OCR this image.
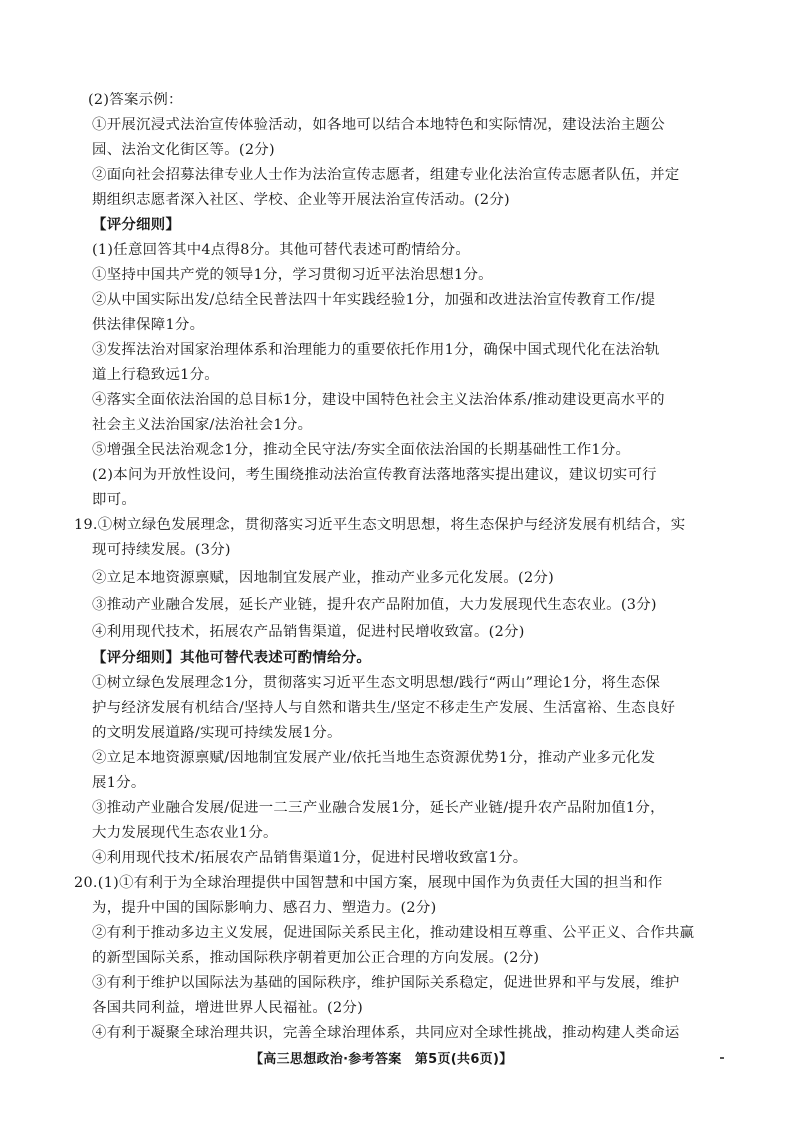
(2)答案示例：
①开展沉浸式法治宣传体验活动，如各地可以结合本地特色和实际情况，建设法治主题公
园、法治文化街区等。(2分)
②面向社会招募法律专业人士作为法治宣传志愿者，组建专业化法治宣传志愿者队伍，并定
期组织志愿者深入社区、学校、企业等开展法治宣传活动。(2分)
【评分细则】
(1)任意回答其中4点得8分。其他可替代表述可酌情给分。
①坚持中国共产党的领导1分，学习贯彻习近平法治思想1分。
②从中国实际出发/总结全民普法四十年实践经验1分，加强和改进法治宣传教育工作/提
供法律保障1分。
③发挥法治对国家治理体系和治理能力的重要依托作用1分，确保中国式现代化在法治轨
道上行稳致远1分。
④落实全面依法治国的总目标1分，建设中国特色社会主义法治体系/推动建设更高水平的
社会主义法治国家/法治社会1分。
⑤增强全民法治观念1分，推动全民守法/夯实全面依法治国的长期基础性工作1分。
(2)本问为开放性设问，考生围绕推动法治宣传教育法落地落实提出建议，建议切实可行
即可。
19.①树立绿色发展理念，贯彻落实习近平生态文明思想，将生态保护与经济发展有机结合，实
现可持续发展。(3分)
②立足本地资源禀赋，因地制宜发展产业，推动产业多元化发展。(2分)
③推动产业融合发展，延长产业链，提升农产品附加值，大力发展现代生态农业。(3分)
④利用现代技术，拓展农产品销售渠道，促进村民增收致富。(2分)
【评分细则】其他可替代表述可酌情给分。
①树立绿色发展理念1分，贯彻落实习近平生态文明思想/践行“两山”理论1分，将生态保
护与经济发展有机结合/坚持人与自然和谐共生/坚定不移走生产发展、生活富裕、生态良好
的文明发展道路/实现可持续发展1分。
②立足本地资源禀赋/因地制宜发展产业/依托当地生态资源优势1分，推动产业多元化发
展1分。
③推动产业融合发展/促进一二三产业融合发展1分，延长产业链/提升农产品附加值1分，
大力发展现代生态农业1分。
④利用现代技术/拓展农产品销售渠道1分，促进村民增收致富1分。
20.(1)①有利于为全球治理提供中国智慧和中国方案，展现中国作为负责任大国的担当和作
为，提升中国的国际影响力、感召力、塑造力。(2分)
②有利于推动多边主义发展，促进国际关系民主化，推动建设相互尊重、公平正义、合作共赢
的新型国际关系，推动国际秩序朝着更加公正合理的方向发展。(2分)
③有利于维护以国际法为基础的国际秩序，维护国际关系稳定，促进世界和平与发展，维护
各国共同利益，增进世界人民福祉。(2分)
④有利于凝聚全球治理共识，完善全球治理体系，共同应对全球性挑战，推动构建人类命运
【高三思想政治·参考答案　第5页(共6页)】
